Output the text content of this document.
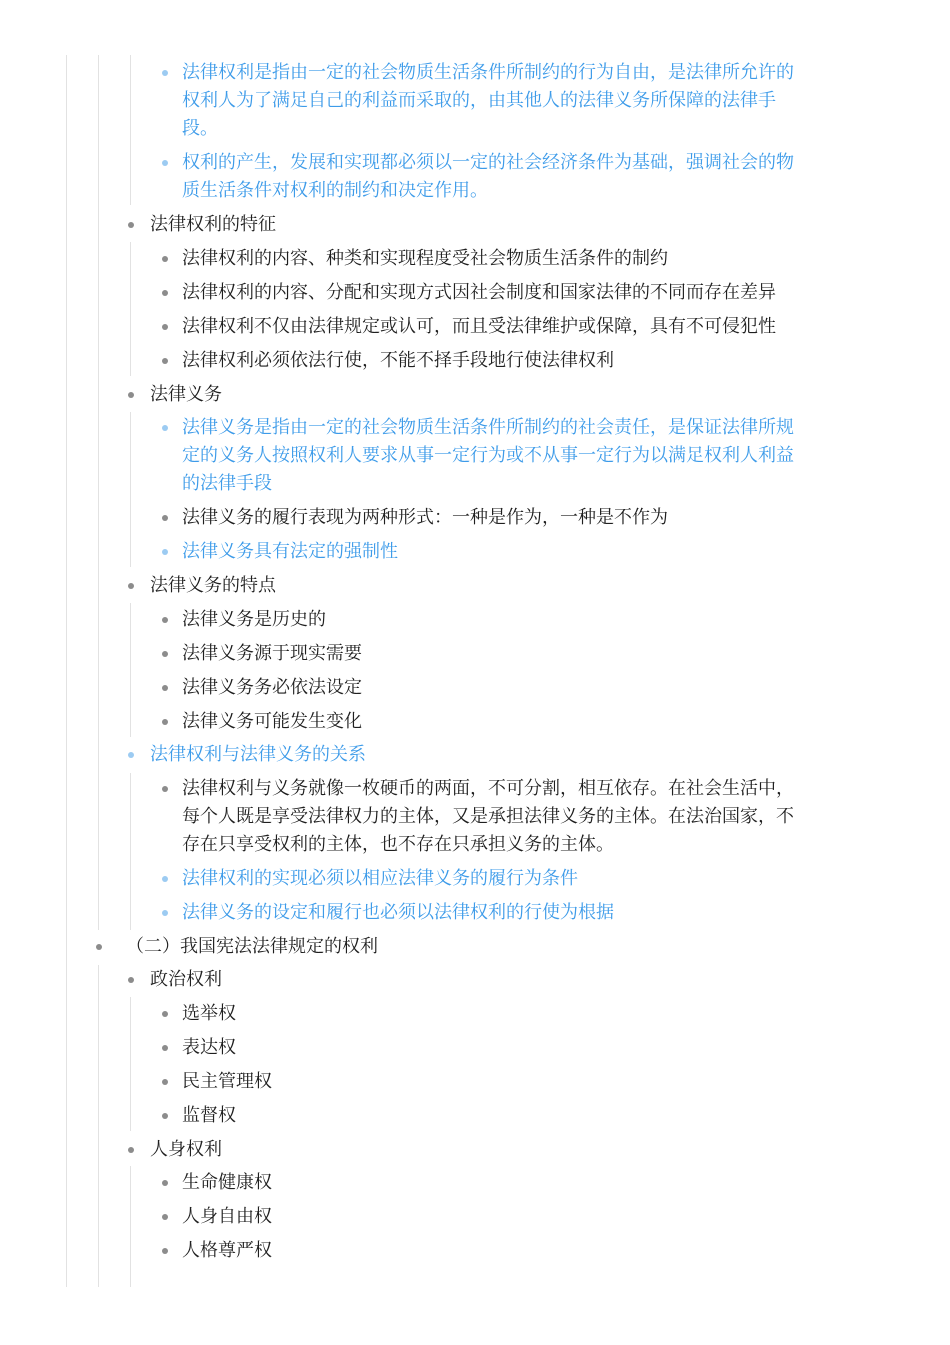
法律权利是指由一定的社会物质生活条件所制约的行为自由，是法律所允许的权利人为了满足自己的利益而采取的，由其他人的法律义务所保障的法律手段。
权利的产生，发展和实现都必须以一定的社会经济条件为基础，强调社会的物质生活条件对权利的制约和决定作用。
法律权利的特征
法律权利的内容、种类和实现程度受社会物质生活条件的制约
法律权利的内容、分配和实现方式因社会制度和国家法律的不同而存在差异
法律权利不仅由法律规定或认可，而且受法律维护或保障，具有不可侵犯性
法律权利必须依法行使，不能不择手段地行使法律权利
法律义务
法律义务是指由一定的社会物质生活条件所制约的社会责任，是保证法律所规定的义务人按照权利人要求从事一定行为或不从事一定行为以满足权利人利益的法律手段
法律义务的履行表现为两种形式：一种是作为，一种是不作为
法律义务具有法定的强制性
法律义务的特点
法律义务是历史的
法律义务源于现实需要
法律义务务必依法设定
法律义务可能发生变化
法律权利与法律义务的关系
法律权利与义务就像一枚硬币的两面，不可分割，相互依存。在社会生活中，每个人既是享受法律权力的主体，又是承担法律义务的主体。在法治国家，不存在只享受权利的主体，也不存在只承担义务的主体。
法律权利的实现必须以相应法律义务的履行为条件
法律义务的设定和履行也必须以法律权利的行使为根据
（二）我国宪法法律规定的权利
政治权利
选举权
表达权
民主管理权
监督权
人身权利
生命健康权
人身自由权
人格尊严权
